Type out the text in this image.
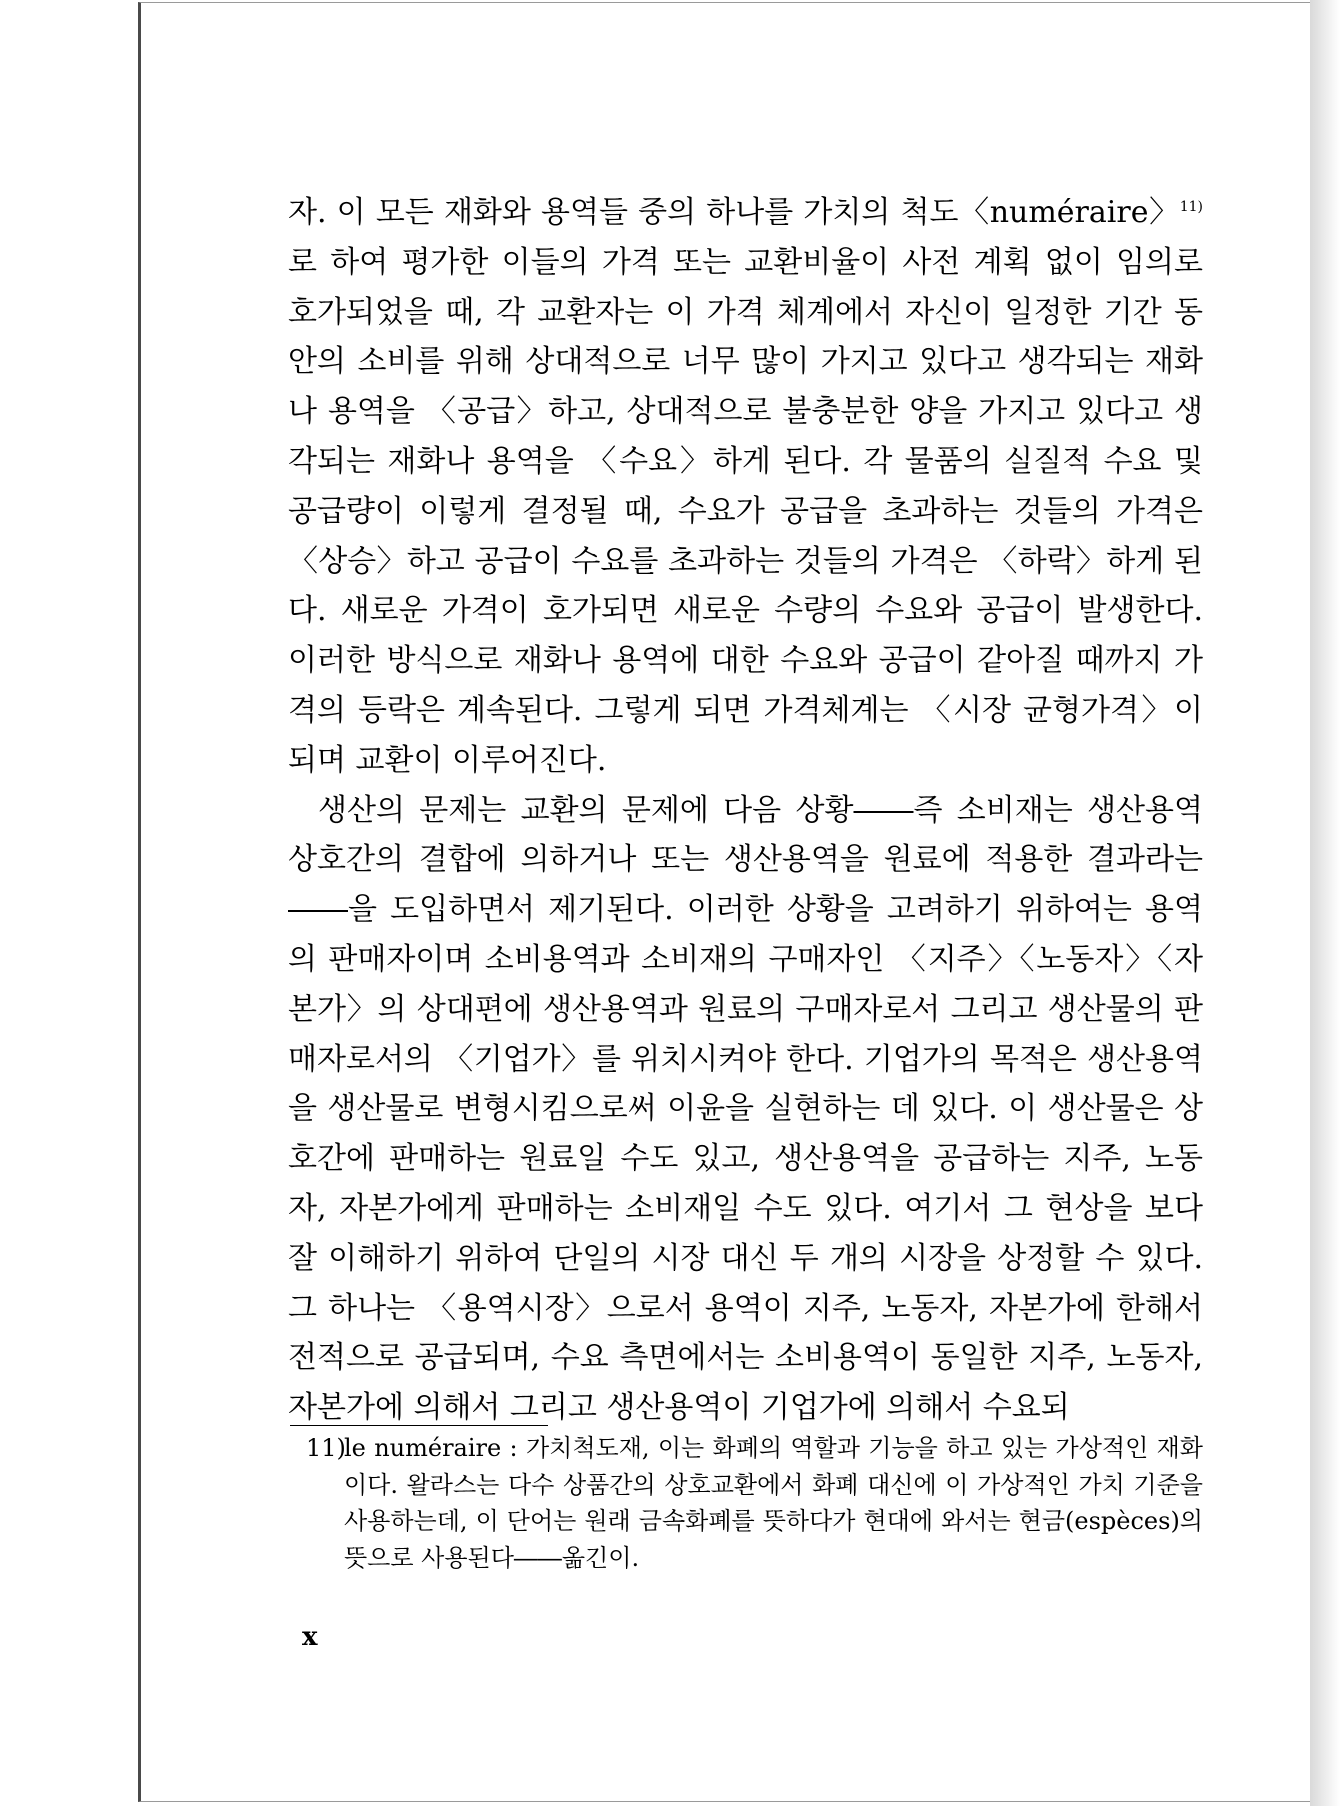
자. 이 모든 재화와 용역들 중의 하나를 가치의 척도〈numéraire〉$^{11)}$로 하여 평가한 이들의 가격 또는 교환비율이 사전 계획 없이 임의로 호가되었을 때, 각 교환자는 이 가격 체계에서 자신이 일정한 기간 동안의 소비를 위해 상대적으로 너무 많이 가지고 있다고 생각되는 재화나 용역을 〈공급〉하고, 상대적으로 불충분한 양을 가지고 있다고 생각되는 재화나 용역을 〈수요〉하게 된다. 각 물품의 실질적 수요 및 공급량이 이렇게 결정될 때, 수요가 공급을 초과하는 것들의 가격은 〈상승〉하고 공급이 수요를 초과하는 것들의 가격은 〈하락〉하게 된다. 새로운 가격이 호가되면 새로운 수량의 수요와 공급이 발생한다. 이러한 방식으로 재화나 용역에 대한 수요와 공급이 같아질 때까지 가격의 등락은 계속된다. 그렇게 되면 가격체계는 〈시장 균형가격〉이 되며 교환이 이루어진다.

생산의 문제는 교환의 문제에 다음 상황――즉 소비재는 생산용역 상호간의 결합에 의하거나 또는 생산용역을 원료에 적용한 결과라는――을 도입하면서 제기된다. 이러한 상황을 고려하기 위하여는 용역의 판매자이며 소비용역과 소비재의 구매자인 〈지주〉〈노동자〉〈자본가〉의 상대편에 생산용역과 원료의 구매자로서 그리고 생산물의 판매자로서의 〈기업가〉를 위치시켜야 한다. 기업가의 목적은 생산용역을 생산물로 변형시킴으로써 이윤을 실현하는 데 있다. 이 생산물은 상호간에 판매하는 원료일 수도 있고, 생산용역을 공급하는 지주, 노동자, 자본가에게 판매하는 소비재일 수도 있다. 여기서 그 현상을 보다 잘 이해하기 위하여 단일의 시장 대신 두 개의 시장을 상정할 수 있다. 그 하나는 〈용역시장〉으로서 용역이 지주, 노동자, 자본가에 한해서 전적으로 공급되며, 수요 측면에서는 소비용역이 동일한 지주, 노동자, 자본가에 의해서 그리고 생산용역이 기업가에 의해서 수요되

11)le numéraire : 가치척도재, 이는 화폐의 역할과 기능을 하고 있는 가상적인 재화이다. 왈라스는 다수 상품간의 상호교환에서 화폐 대신에 이 가상적인 가치 기준을 사용하는데, 이 단어는 원래 금속화폐를 뜻하다가 현대에 와서는 현금(espèces)의 뜻으로 사용된다――옮긴이.
x
